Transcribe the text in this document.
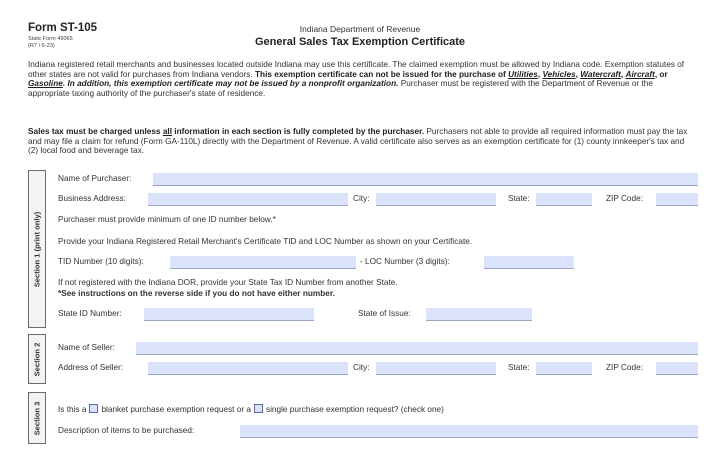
Form ST-105
State Form 49065
(R7 / 6-23)
Indiana Department of Revenue
General Sales Tax Exemption Certificate
Indiana registered retail merchants and businesses located outside Indiana may use this certificate. The claimed exemption must be allowed by Indiana code. Exemption statutes of other states are not valid for purchases from Indiana vendors. This exemption certificate can not be issued for the purchase of Utilities, Vehicles, Watercraft, Aircraft, or Gasoline. In addition, this exemption certificate may not be issued by a nonprofit organization. Purchaser must be registered with the Department of Revenue or the appropriate taxing authority of the purchaser's state of residence.
Sales tax must be charged unless all information in each section is fully completed by the purchaser. Purchasers not able to provide all required information must pay the tax and may file a claim for refund (Form GA-110L) directly with the Department of Revenue. A valid certificate also serves as an exemption certificate for (1) county innkeeper's tax and (2) local food and beverage tax.
Section 1 (print only)
Name of Purchaser:
Business Address:	City:	State:	ZIP Code:
Purchaser must provide minimum of one ID number below.*
Provide your Indiana Registered Retail Merchant's Certificate TID and LOC Number as shown on your Certificate.
TID Number (10 digits):	- LOC Number (3 digits):
If not registered with the Indiana DOR, provide your State Tax ID Number from another State.
*See instructions on the reverse side if you do not have either number.
State ID Number:	State of Issue:
Section 2 Name of Seller:
Address of Seller:	City:	State:	ZIP Code:
Section 3 Is this a blanket purchase exemption request or a single purchase exemption request? (check one)
Description of items to be purchased:
